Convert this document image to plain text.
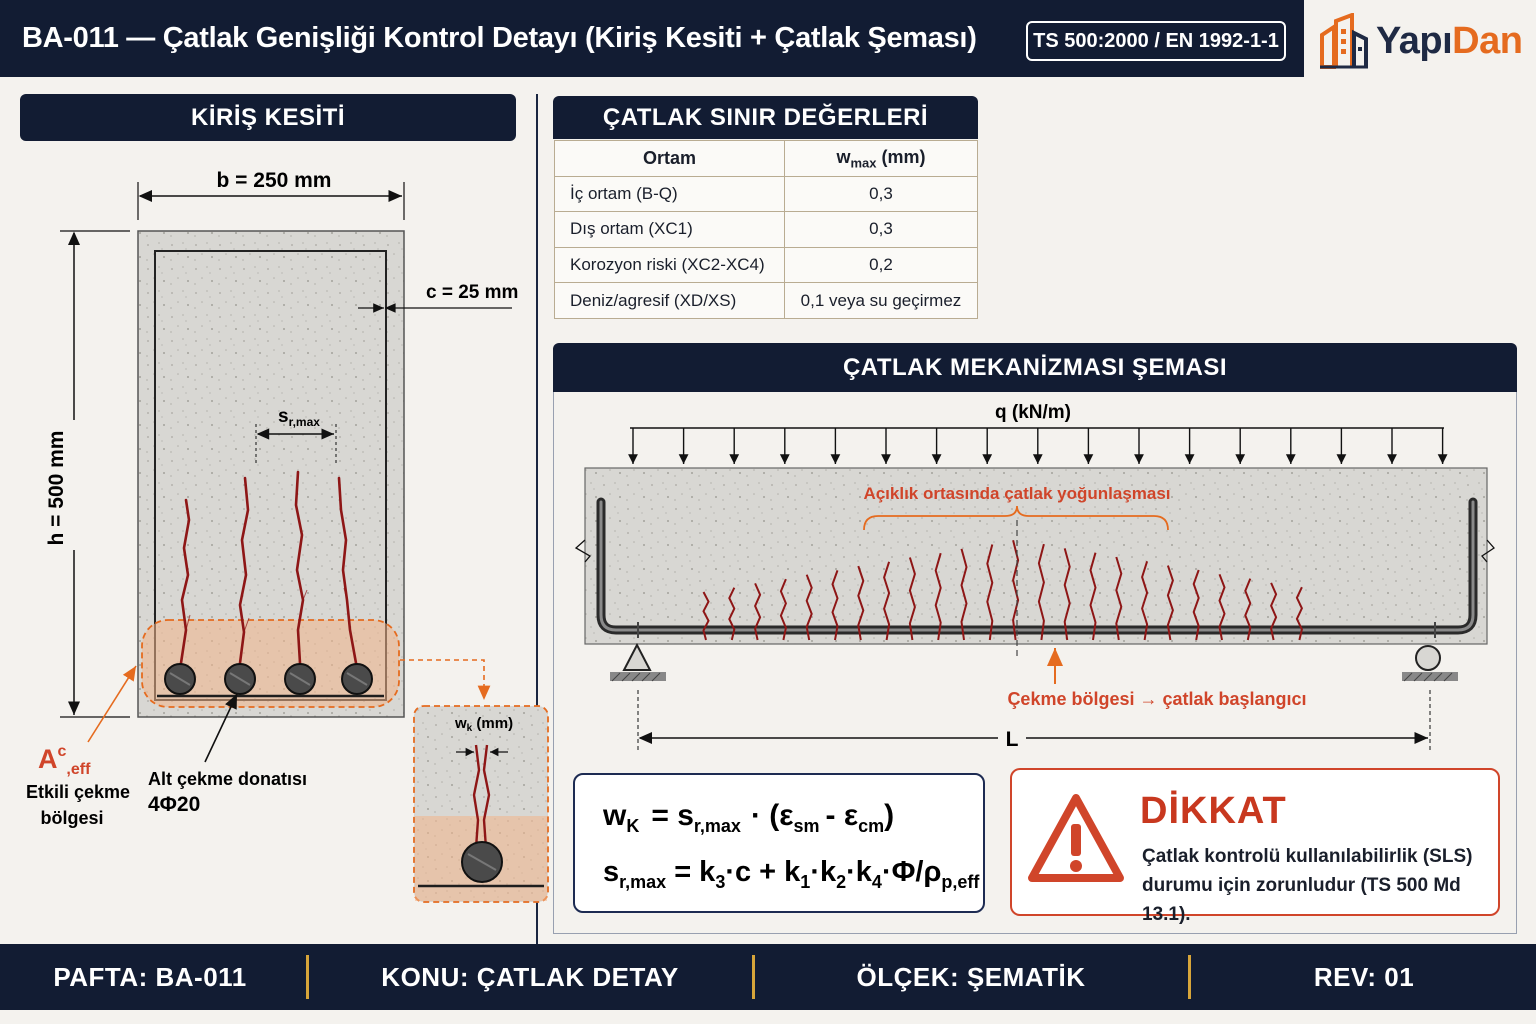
BA-011 — Çatlak Genişliği Kontrol Detayı (Kiriş Kesiti + Çatlak Şeması)	TS 500:2000 / EN 1992-1-1	YapıDan
KİRİŞ KESİTİ	ÇATLAK SINIR DEĞERLERİ
ÇATLAK MEKANİZMASI ŞEMASI
Ortam	$w_{max}$ (mm)
İç ortam (B-Q)	0,3
Dış ortam (XC1)	0,3
Korozyon riski (XC2-XC4)	0,2
Deniz/agresif (XD/XS)	0,1 veya su geçirmez
b = 250 mm
h = 500 mm
c = 25 mm
$s_{r,max}$
$A^c_{,eff}$
Etkili çekme
bölgesi
Alt çekme donatısı
4Φ20
$w_k$ (mm)
q (kN/m)
Açıklık ortasında çatlak yoğunlaşması
Çekme bölgesi → çatlak başlangıcı
L
$w_K = s_{r,max} \cdot (\varepsilon_{sm} - \varepsilon_{cm})$
$s_{r,max} = k_3\cdot c + k_1\cdot k_2\cdot k_4\cdot\Phi/\rho_{p,eff}$
DİKKAT
Çatlak kontrolü kullanılabilirlik (SLS)
durumu için zorunludur (TS 500 Md 13.1).
PAFTA: BA-011	KONU: ÇATLAK DETAY	ÖLÇEK: ŞEMATİK	REV: 01
